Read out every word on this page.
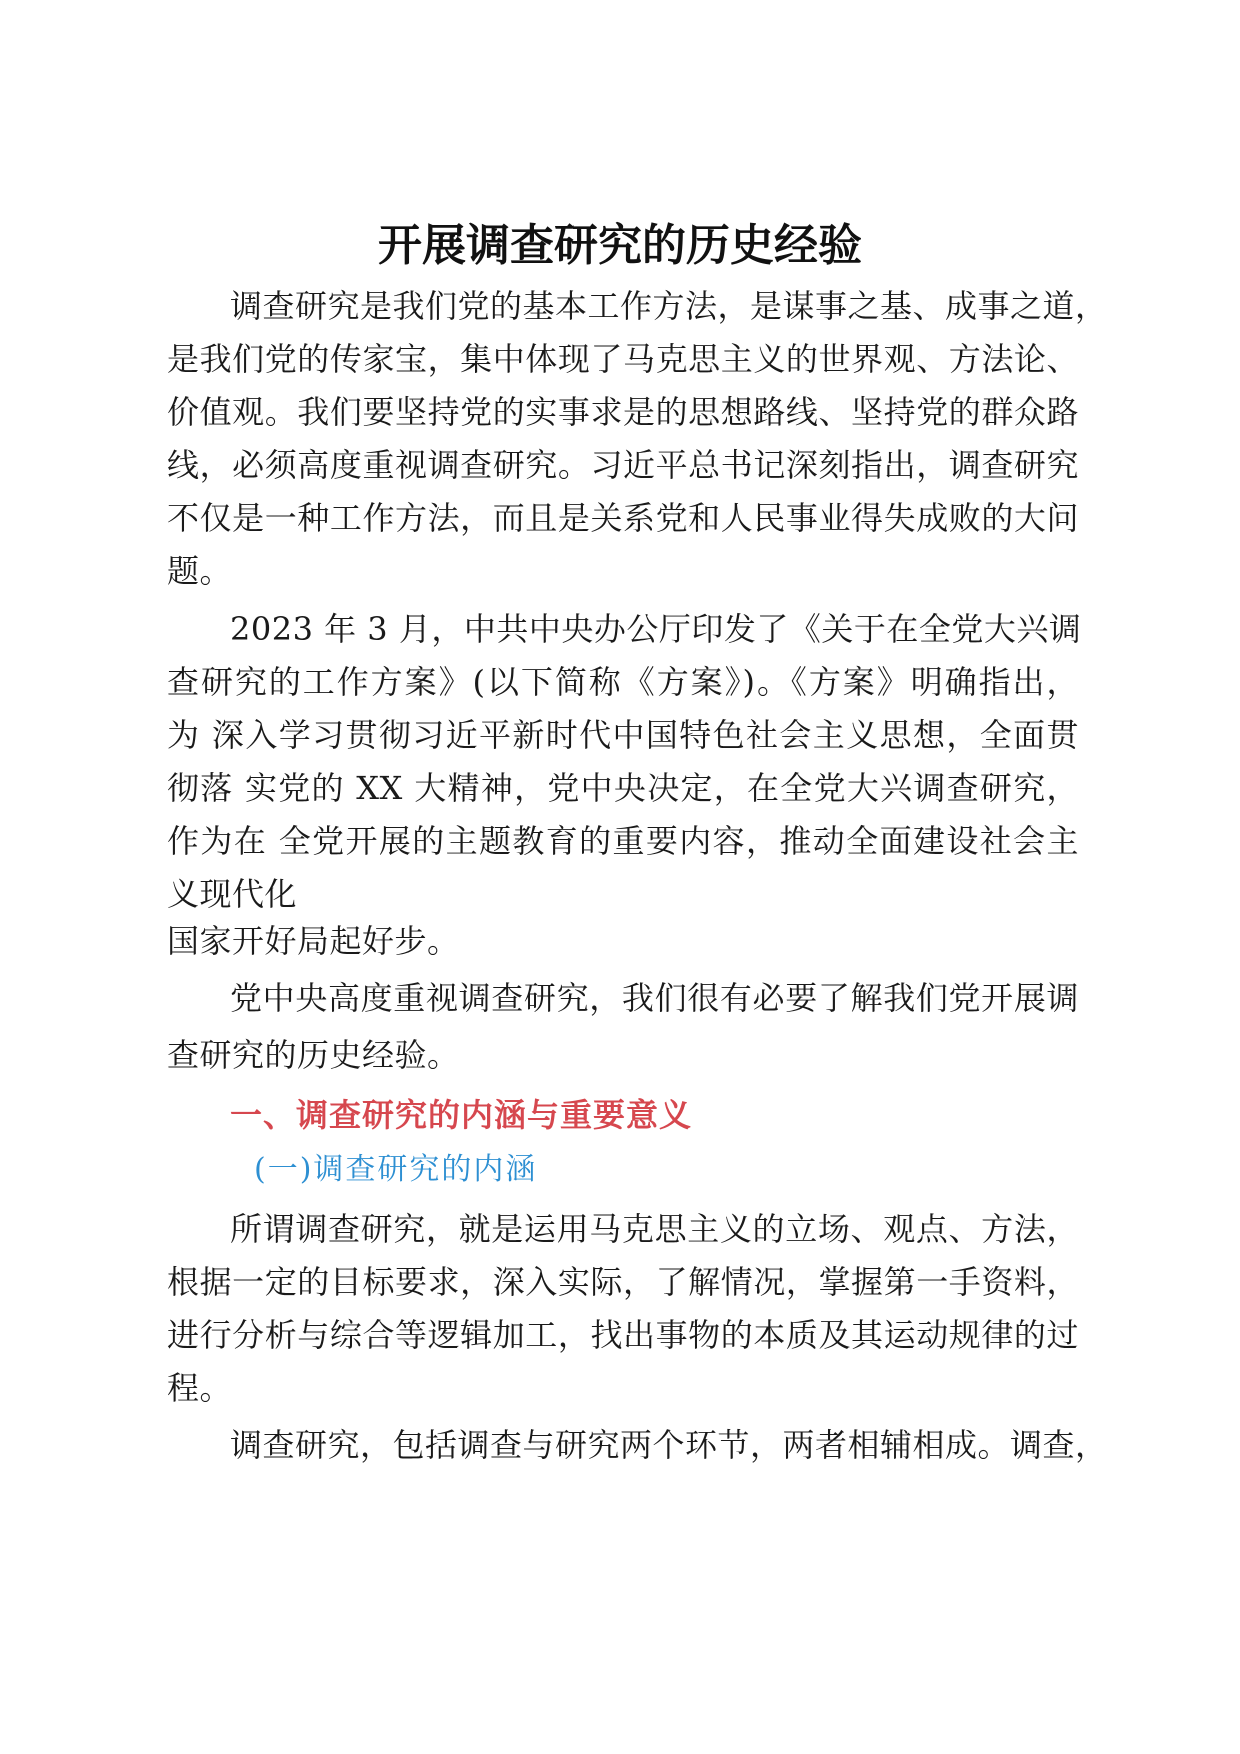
开展调查研究的历史经验

调查研究是我们党的基本工作方法，是谋事之基、成事之道，

是我们党的传家宝，集中体现了马克思主义的世界观、方法论、

价值观。我们要坚持党的实事求是的思想路线、坚持党的群众路

线，必须高度重视调查研究。习近平总书记深刻指出，调查研究

不仅是一种工作方法，而且是关系党和人民事业得失成败的大问

题。

2023 年 3 月，中共中央办公厅印发了《关于在全党大兴调

查研究的工作方案》(以下简称《方案》)。《方案》明确指出，

为 深入学习贯彻习近平新时代中国特色社会主义思想，全面贯

彻落 实党的 XX 大精神，党中央决定，在全党大兴调查研究，

作为在 全党开展的主题教育的重要内容，推动全面建设社会主

义现代化

国家开好局起好步。

党中央高度重视调查研究，我们很有必要了解我们党开展调

查研究的历史经验。

一、调查研究的内涵与重要意义

(一)调查研究的内涵

所谓调查研究，就是运用马克思主义的立场、观点、方法，

根据一定的目标要求，深入实际，了解情况，掌握第一手资料，

进行分析与综合等逻辑加工，找出事物的本质及其运动规律的过

程。

调查研究，包括调查与研究两个环节，两者相辅相成。调查，
